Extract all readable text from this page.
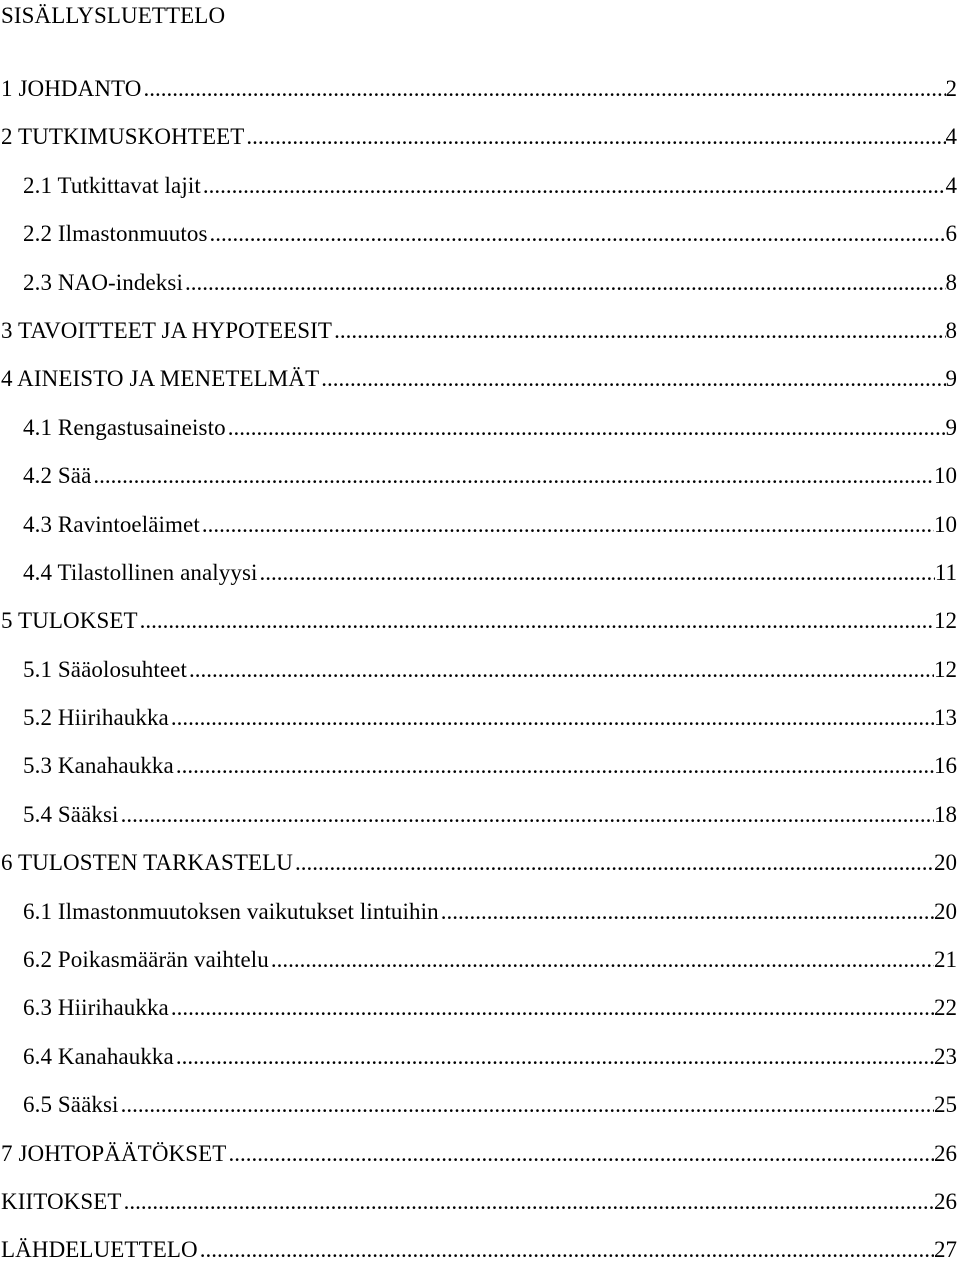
SISÄLLYSLUETTELO
1 JOHDANTO .....	2
2 TUTKIMUSKOHTEET .....	4
2.1 Tutkittavat lajit .....	4
2.2 Ilmastonmuutos .....	6
2.3 NAO-indeksi .....	8
3 TAVOITTEET JA HYPOTEESIT .....	8
4 AINEISTO JA MENETELMÄT .....	9
4.1 Rengastusaineisto .....	9
4.2 Sää .....	10
4.3 Ravintoeläimet .....	10
4.4 Tilastollinen analyysi .....	11
5 TULOKSET .....	12
5.1 Sääolosuhteet .....	12
5.2 Hiirihaukka .....	13
5.3 Kanahaukka .....	16
5.4 Sääksi .....	18
6 TULOSTEN TARKASTELU .....	20
6.1 Ilmastonmuutoksen vaikutukset lintuihin .....	20
6.2 Poikasmäärän vaihtelu .....	21
6.3 Hiirihaukka .....	22
6.4 Kanahaukka .....	23
6.5 Sääksi .....	25
7 JOHTOPÄÄTÖKSET .....	26
KIITOKSET .....	26
LÄHDELUETTELO .....	27
